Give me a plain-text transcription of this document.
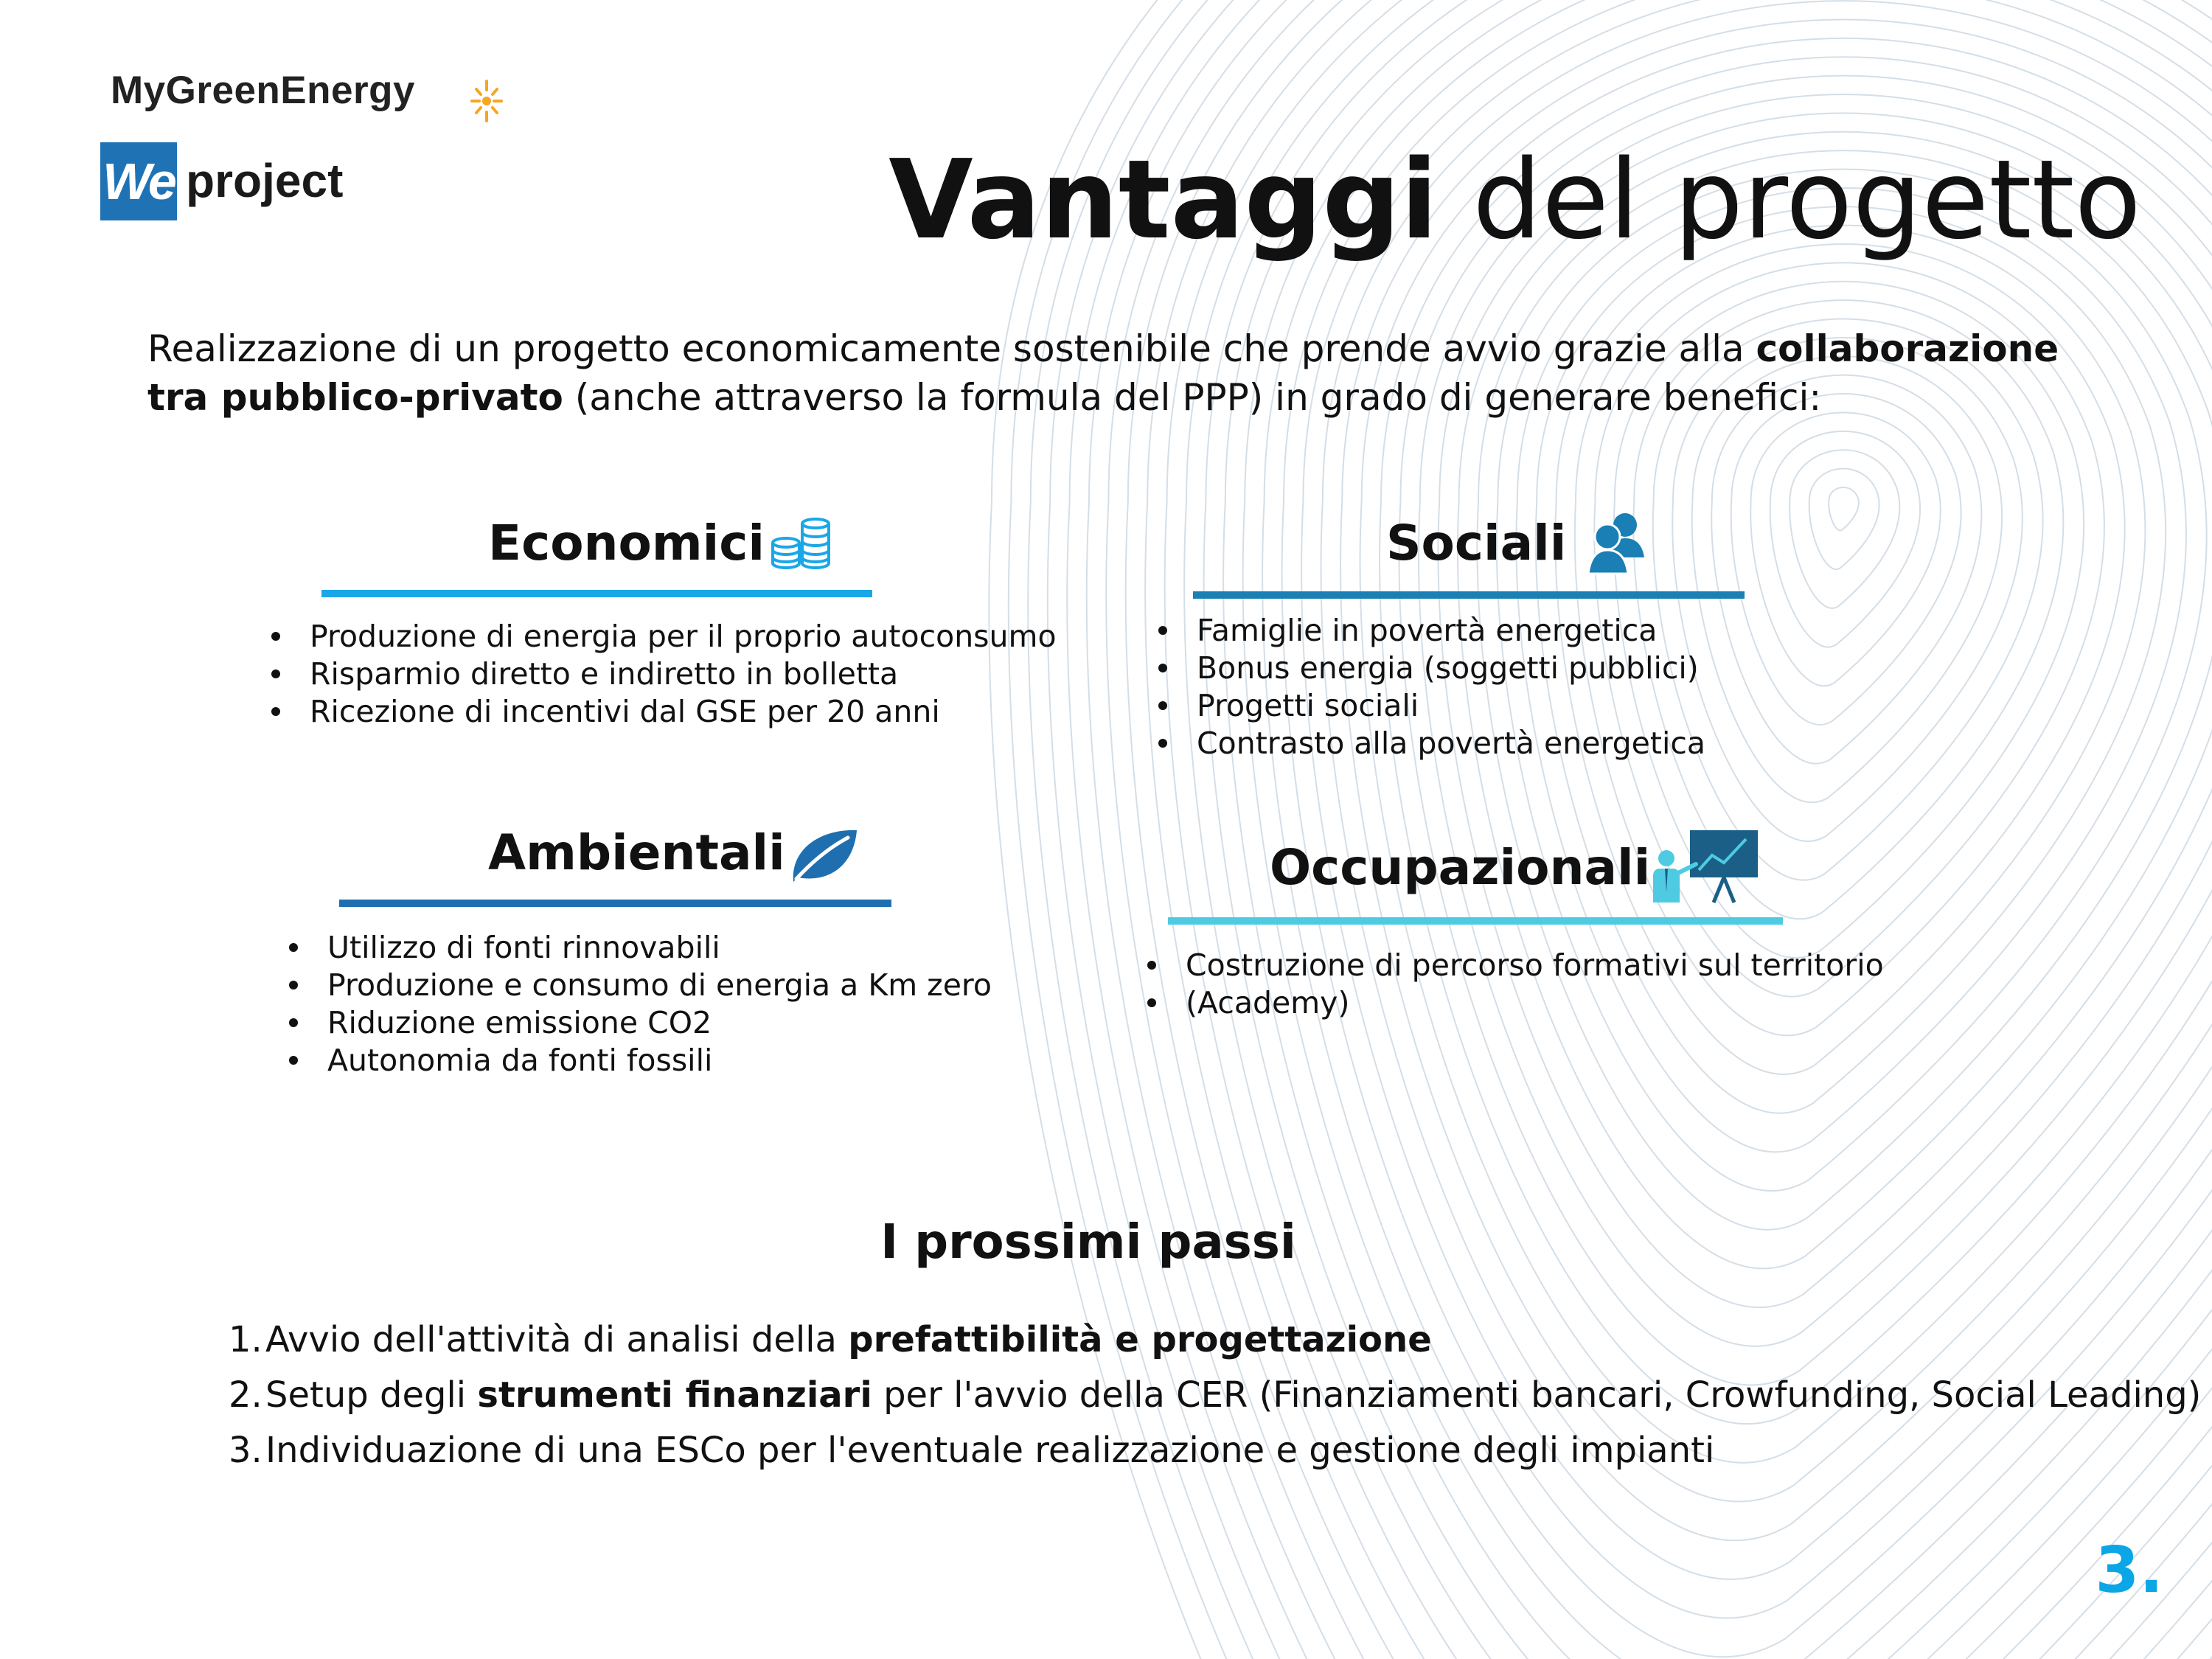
MyGreenEnergy
We project	Vantaggi del progetto
Realizzazione di un progetto economicamente sostenibile che prende avvio grazie alla collaborazione tra pubblico-privato (anche attraverso la formula del PPP) in grado di generare benefici:
Economici
Produzione di energia per il proprio autoconsumo
Risparmio diretto e indiretto in bolletta
Ricezione di incentivi dal GSE per 20 anni
Sociali
Famiglie in povertà energetica
Bonus energia (soggetti pubblici)
Progetti sociali
Contrasto alla povertà energetica
Ambientali
Utilizzo di fonti rinnovabili
Produzione e consumo di energia a Km zero
Riduzione emissione CO2
Autonomia da fonti fossili
Occupazionali
Costruzione di percorso formativi sul territorio
(Academy)
I prossimi passi
1.Avvio dell'attività di analisi della prefattibilità e progettazione
2.Setup degli strumenti finanziari per l'avvio della CER (Finanziamenti bancari, Crowfunding, Social Leading)
3.Individuazione di una ESCo per l'eventuale realizzazione e gestione degli impianti
3.
